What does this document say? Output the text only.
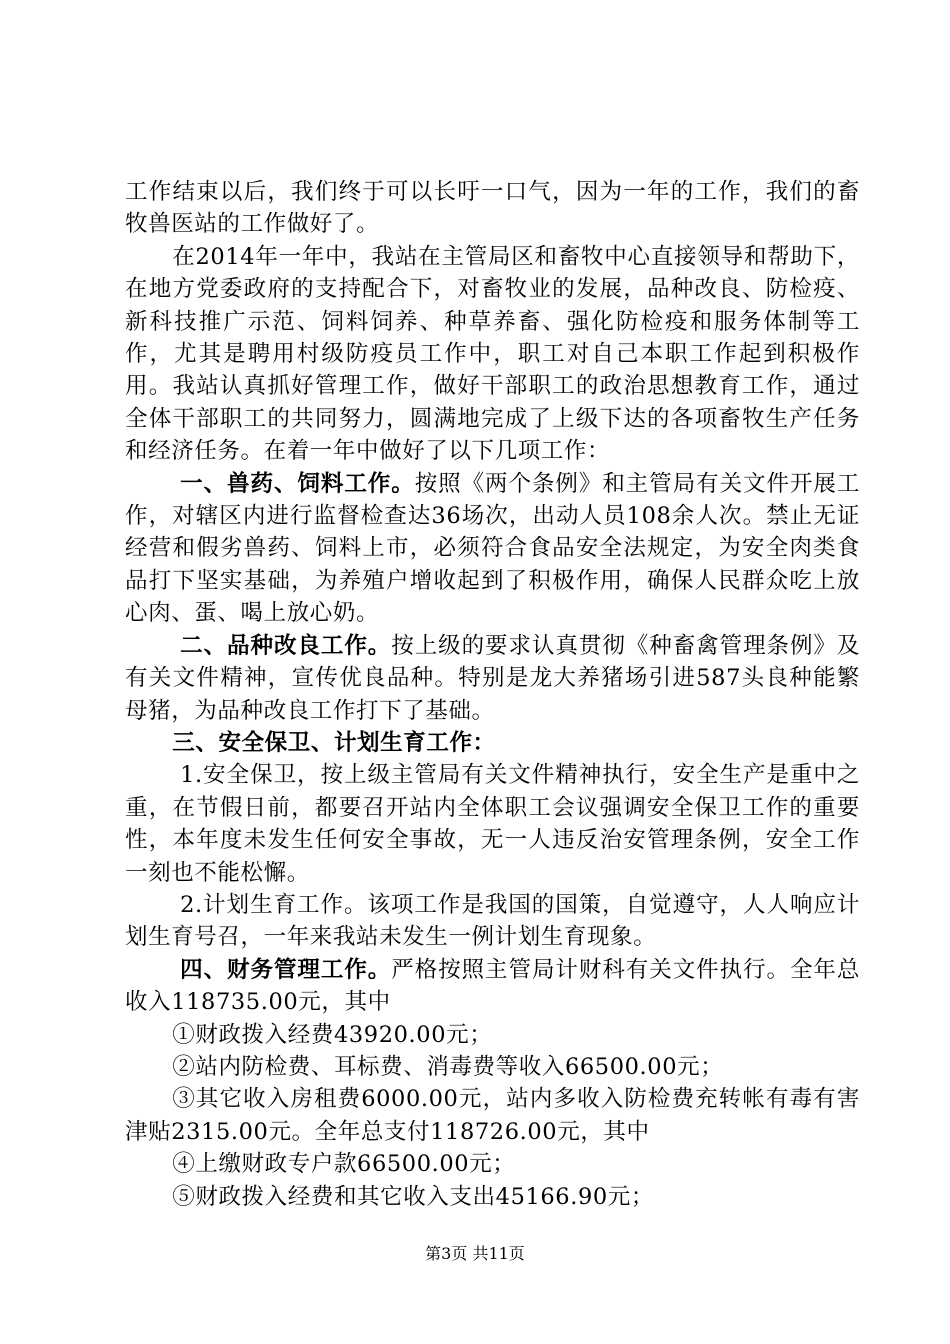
工作结束以后，我们终于可以长吁一口气，因为一年的工作，我们的畜牧兽医站的工作做好了。

在2014年一年中，我站在主管局区和畜牧中心直接领导和帮助下，在地方党委政府的支持配合下，对畜牧业的发展，品种改良、防检疫、新科技推广示范、饲料饲养、种草养畜、强化防检疫和服务体制等工作，尤其是聘用村级防疫员工作中，职工对自己本职工作起到积极作用。我站认真抓好管理工作，做好干部职工的政治思想教育工作，通过全体干部职工的共同努力，圆满地完成了上级下达的各项畜牧生产任务和经济任务。在着一年中做好了以下几项工作：

一、兽药、饲料工作。按照《两个条例》和主管局有关文件开展工作，对辖区内进行监督检查达36场次，出动人员108余人次。禁止无证经营和假劣兽药、饲料上市，必须符合食品安全法规定，为安全肉类食品打下坚实基础，为养殖户增收起到了积极作用，确保人民群众吃上放心肉、蛋、喝上放心奶。

二、品种改良工作。按上级的要求认真贯彻《种畜禽管理条例》及有关文件精神，宣传优良品种。特别是龙大养猪场引进587头良种能繁母猪，为品种改良工作打下了基础。

三、安全保卫、计划生育工作：

1.安全保卫，按上级主管局有关文件精神执行，安全生产是重中之重，在节假日前，都要召开站内全体职工会议强调安全保卫工作的重要性，本年度未发生任何安全事故，无一人违反治安管理条例，安全工作一刻也不能松懈。

2.计划生育工作。该项工作是我国的国策，自觉遵守，人人响应计划生育号召，一年来我站未发生一例计划生育现象。

四、财务管理工作。严格按照主管局计财科有关文件执行。全年总收入118735.00元，其中

①财政拨入经费43920.00元；

②站内防检费、耳标费、消毒费等收入66500.00元；

③其它收入房租费6000.00元，站内多收入防检费充转帐有毒有害津贴2315.00元。全年总支付118726.00元，其中

④上缴财政专户款66500.00元；

⑤财政拨入经费和其它收入支出45166.90元；

第3页 共11页
